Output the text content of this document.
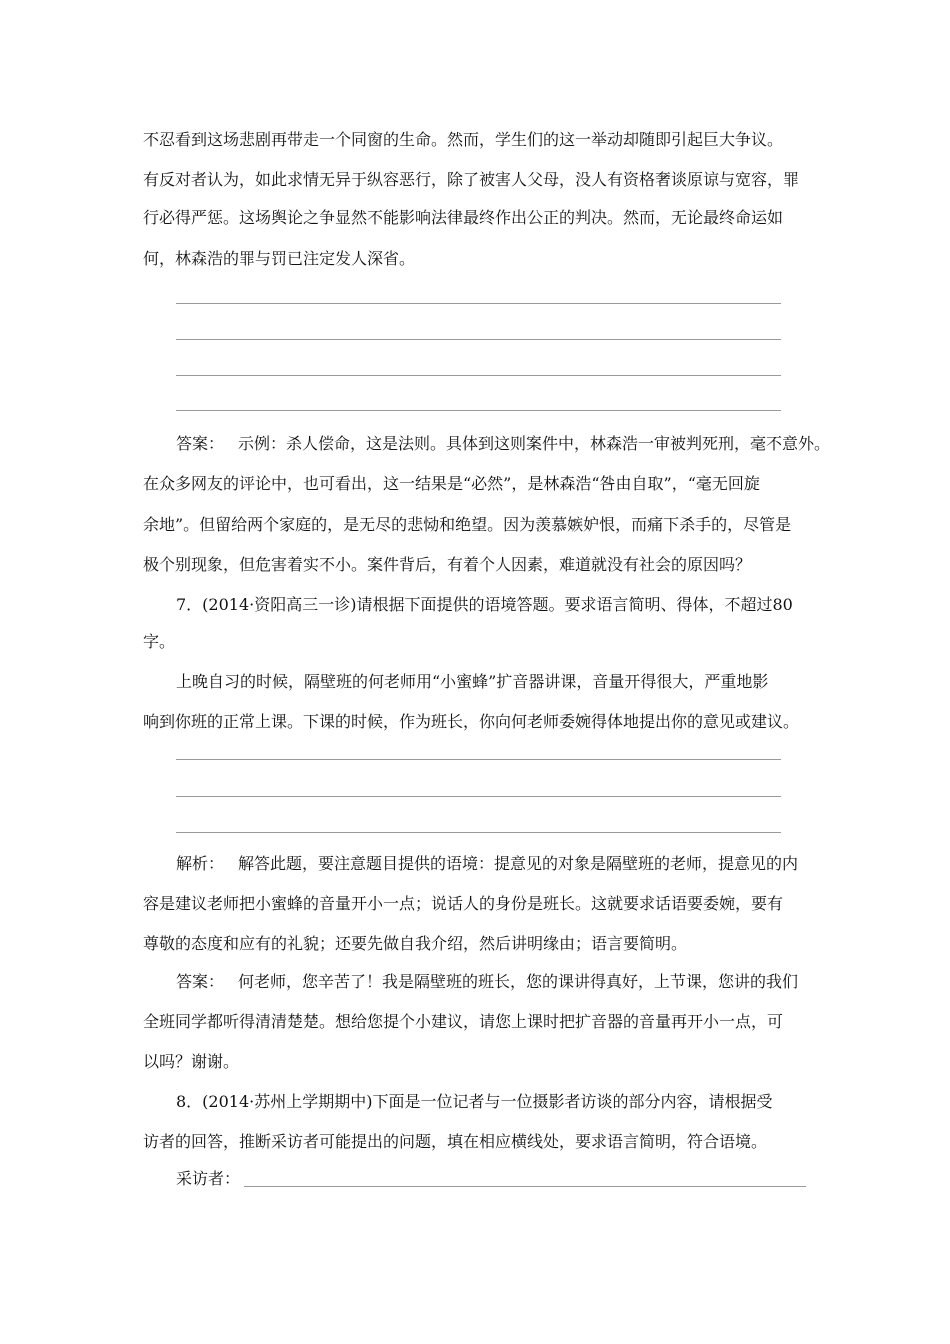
不忍看到这场悲剧再带走一个同窗的生命。然而，学生们的这一举动却随即引起巨大争议。
有反对者认为，如此求情无异于纵容恶行，除了被害人父母，没人有资格奢谈原谅与宽容，罪
行必得严惩。这场舆论之争显然不能影响法律最终作出公正的判决。然而，无论最终命运如
何，林森浩的罪与罚已注定发人深省。
答案： 示例：杀人偿命，这是法则。具体到这则案件中，林森浩一审被判死刑，毫不意外。
在众多网友的评论中，也可看出，这一结果是“必然”，是林森浩“咎由自取”，“毫无回旋
余地”。但留给两个家庭的，是无尽的悲恸和绝望。因为羡慕嫉妒恨，而痛下杀手的，尽管是
极个别现象，但危害着实不小。案件背后，有着个人因素，难道就没有社会的原因吗？
7．(2014·资阳高三一诊)请根据下面提供的语境答题。要求语言简明、得体，不超过80
字。
上晚自习的时候，隔壁班的何老师用“小蜜蜂”扩音器讲课，音量开得很大，严重地影
响到你班的正常上课。下课的时候，作为班长，你向何老师委婉得体地提出你的意见或建议。
解析： 解答此题，要注意题目提供的语境：提意见的对象是隔壁班的老师，提意见的内
容是建议老师把小蜜蜂的音量开小一点；说话人的身份是班长。这就要求话语要委婉，要有
尊敬的态度和应有的礼貌；还要先做自我介绍，然后讲明缘由；语言要简明。
答案： 何老师，您辛苦了！我是隔壁班的班长，您的课讲得真好，上节课，您讲的我们
全班同学都听得清清楚楚。想给您提个小建议，请您上课时把扩音器的音量再开小一点，可
以吗？谢谢。
8．(2014·苏州上学期期中)下面是一位记者与一位摄影者访谈的部分内容，请根据受
访者的回答，推断采访者可能提出的问题，填在相应横线处，要求语言简明，符合语境。
采访者：
